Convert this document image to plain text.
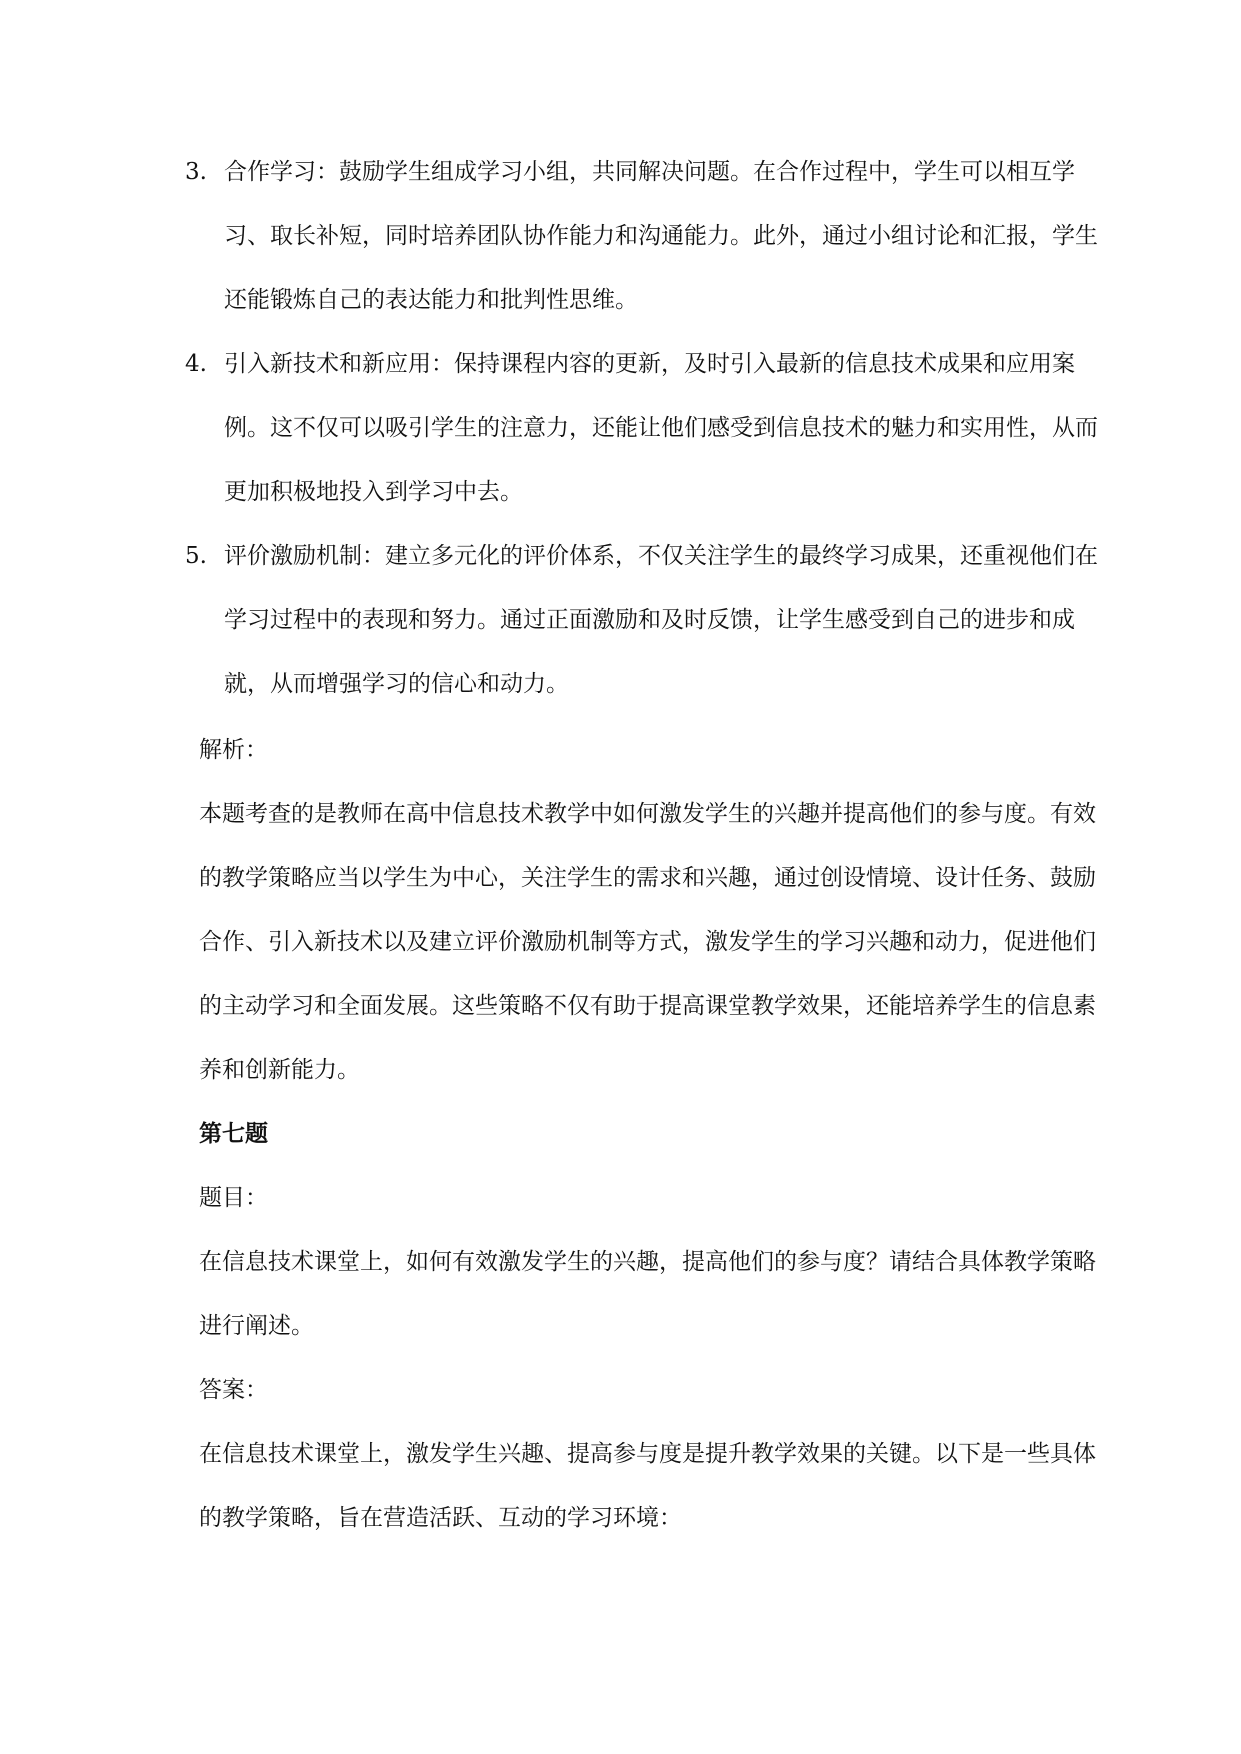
3. 合作学习：鼓励学生组成学习小组，共同解决问题。在合作过程中，学生可以相互学习、取长补短，同时培养团队协作能力和沟通能力。此外，通过小组讨论和汇报，学生还能锻炼自己的表达能力和批判性思维。
4. 引入新技术和新应用：保持课程内容的更新，及时引入最新的信息技术成果和应用案例。这不仅可以吸引学生的注意力，还能让他们感受到信息技术的魅力和实用性，从而更加积极地投入到学习中去。
5. 评价激励机制：建立多元化的评价体系，不仅关注学生的最终学习成果，还重视他们在学习过程中的表现和努力。通过正面激励和及时反馈，让学生感受到自己的进步和成就，从而增强学习的信心和动力。

解析：

本题考查的是教师在高中信息技术教学中如何激发学生的兴趣并提高他们的参与度。有效的教学策略应当以学生为中心，关注学生的需求和兴趣，通过创设情境、设计任务、鼓励合作、引入新技术以及建立评价激励机制等方式，激发学生的学习兴趣和动力，促进他们的主动学习和全面发展。这些策略不仅有助于提高课堂教学效果，还能培养学生的信息素养和创新能力。

第七题

题目：

在信息技术课堂上，如何有效激发学生的兴趣，提高他们的参与度？请结合具体教学策略进行阐述。

答案：

在信息技术课堂上，激发学生兴趣、提高参与度是提升教学效果的关键。以下是一些具体的教学策略，旨在营造活跃、互动的学习环境：
